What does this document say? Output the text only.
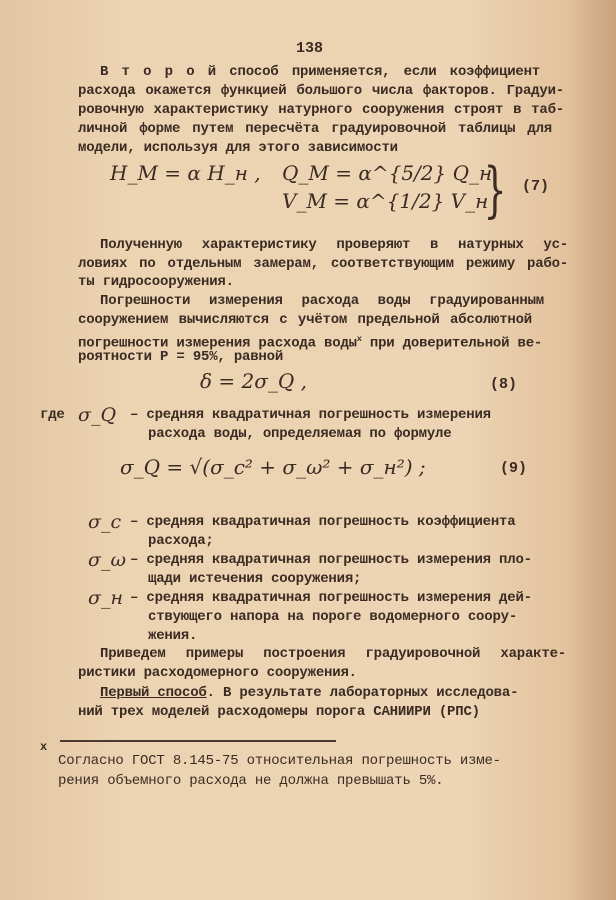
138
В т о р о й способ применяется, если коэффициент
расхода окажется функцией большого числа факторов. Градуи-
ровочную характеристику натурного сооружения строят в таб-
личной форме путем пересчёта градуировочной таблицы для
модели, используя для этого зависимости
H_M = α H_н , Q_M = α^{5/2} Q_н
V_M = α^{1/2} V_н
} (7)
Полученную характеристику проверяют в натурных ус-
ловиях по отдельным замерам, соответствующим режиму рабо-
ты гидросооружения.
Погрешности измерения расхода воды градуированным
сооружением вычисляются с учётом предельной абсолютной
погрешности измерения расхода воды$^x$ при доверительной ве-
роятности Р = 95%, равной
δ = 2σ_Q ,	(8)
где σ_Q – средняя квадратичная погрешность измерения
расхода воды, определяемая по формуле
σ_Q = √(σ_c² + σ_ω² + σ_н²) ;	(9)
σ_c – средняя квадратичная погрешность коэффициента
расхода;
σ_ω – средняя квадратичная погрешность измерения пло-
щади истечения сооружения;
σ_н – средняя квадратичная погрешность измерения дей-
ствующего напора на пороге водомерного соору-
жения.
Приведем примеры построения градуировочной характе-
ристики расходомерного сооружения.
Первый способ. В результате лабораторных исследова-
ний трех моделей расходомеры порога САНИИРИ (РПС)
x
Согласно ГОСТ 8.145-75 относительная погрешность изме-
рения объемного расхода не должна превышать 5%.
